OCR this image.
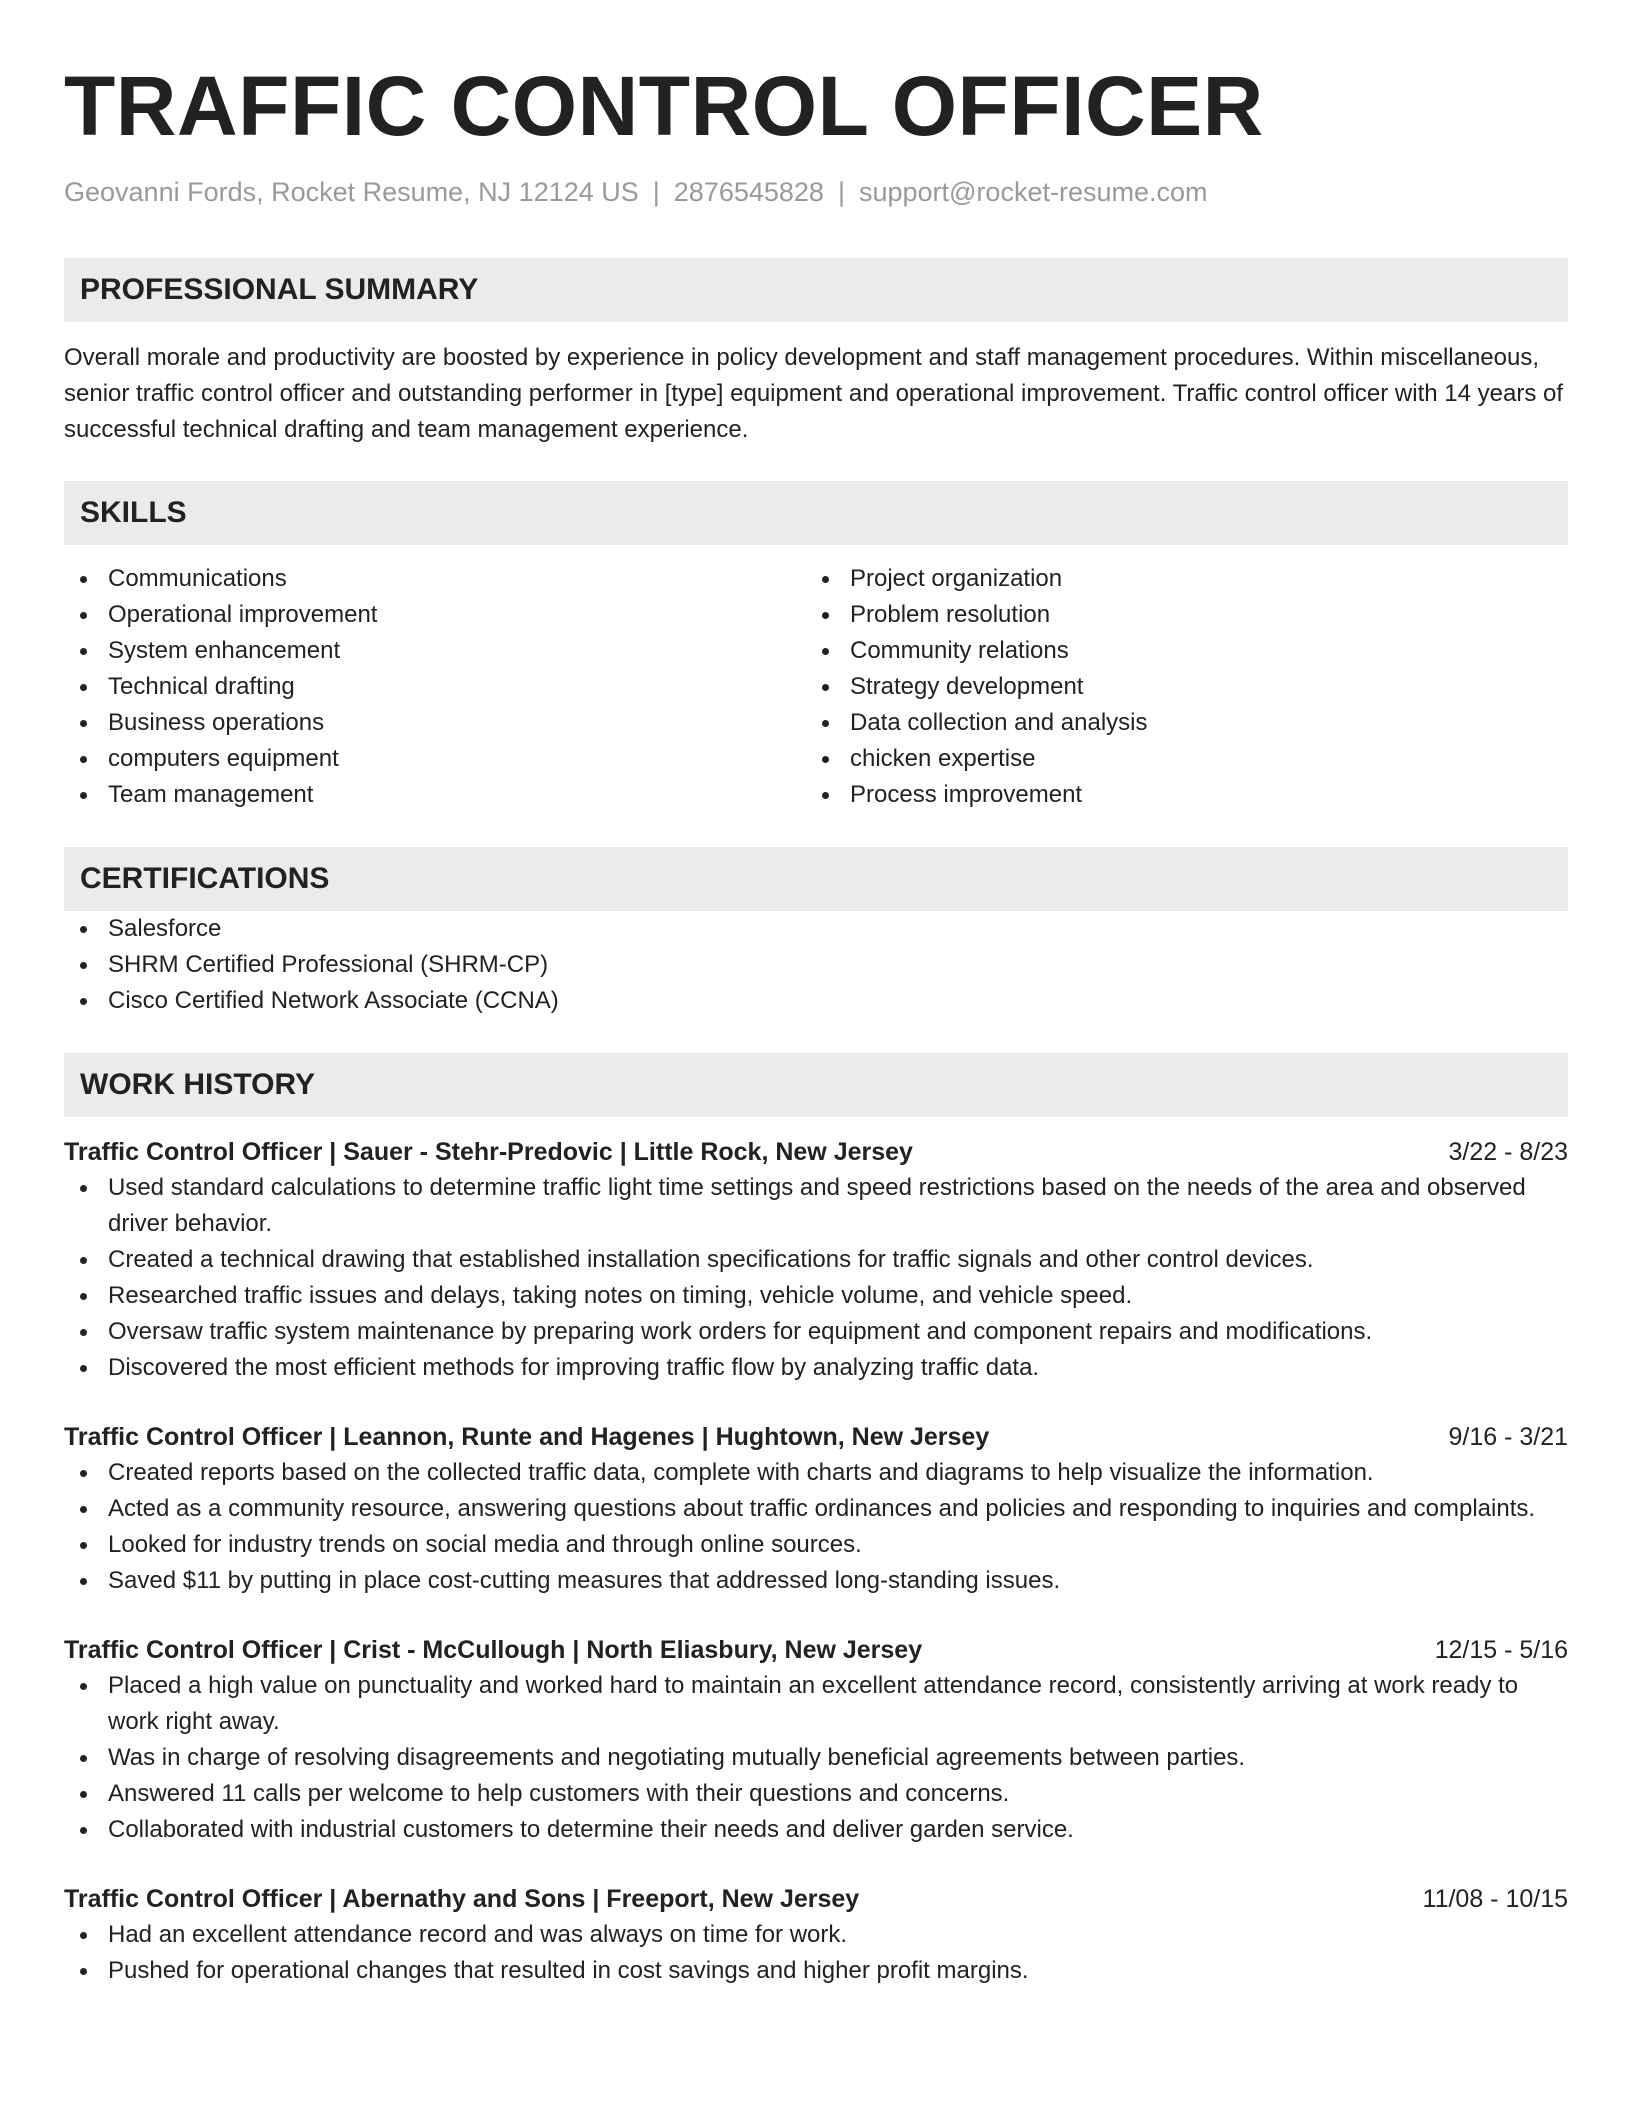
TRAFFIC CONTROL OFFICER
Geovanni Fords, Rocket Resume, NJ 12124 US | 2876545828 | support@rocket-resume.com
PROFESSIONAL SUMMARY
Overall morale and productivity are boosted by experience in policy development and staff management procedures. Within miscellaneous, senior traffic control officer and outstanding performer in [type] equipment and operational improvement. Traffic control officer with 14 years of successful technical drafting and team management experience.
SKILLS
Communications
Operational improvement
System enhancement
Technical drafting
Business operations
computers equipment
Team management
Project organization
Problem resolution
Community relations
Strategy development
Data collection and analysis
chicken expertise
Process improvement
CERTIFICATIONS
Salesforce
SHRM Certified Professional (SHRM-CP)
Cisco Certified Network Associate (CCNA)
WORK HISTORY
Traffic Control Officer | Sauer - Stehr-Predovic | Little Rock, New Jersey	3/22 - 8/23
Used standard calculations to determine traffic light time settings and speed restrictions based on the needs of the area and observed driver behavior.
Created a technical drawing that established installation specifications for traffic signals and other control devices.
Researched traffic issues and delays, taking notes on timing, vehicle volume, and vehicle speed.
Oversaw traffic system maintenance by preparing work orders for equipment and component repairs and modifications.
Discovered the most efficient methods for improving traffic flow by analyzing traffic data.
Traffic Control Officer | Leannon, Runte and Hagenes | Hughtown, New Jersey	9/16 - 3/21
Created reports based on the collected traffic data, complete with charts and diagrams to help visualize the information.
Acted as a community resource, answering questions about traffic ordinances and policies and responding to inquiries and complaints.
Looked for industry trends on social media and through online sources.
Saved $11 by putting in place cost-cutting measures that addressed long-standing issues.
Traffic Control Officer | Crist - McCullough | North Eliasbury, New Jersey	12/15 - 5/16
Placed a high value on punctuality and worked hard to maintain an excellent attendance record, consistently arriving at work ready to work right away.
Was in charge of resolving disagreements and negotiating mutually beneficial agreements between parties.
Answered 11 calls per welcome to help customers with their questions and concerns.
Collaborated with industrial customers to determine their needs and deliver garden service.
Traffic Control Officer | Abernathy and Sons | Freeport, New Jersey	11/08 - 10/15
Had an excellent attendance record and was always on time for work.
Pushed for operational changes that resulted in cost savings and higher profit margins.
